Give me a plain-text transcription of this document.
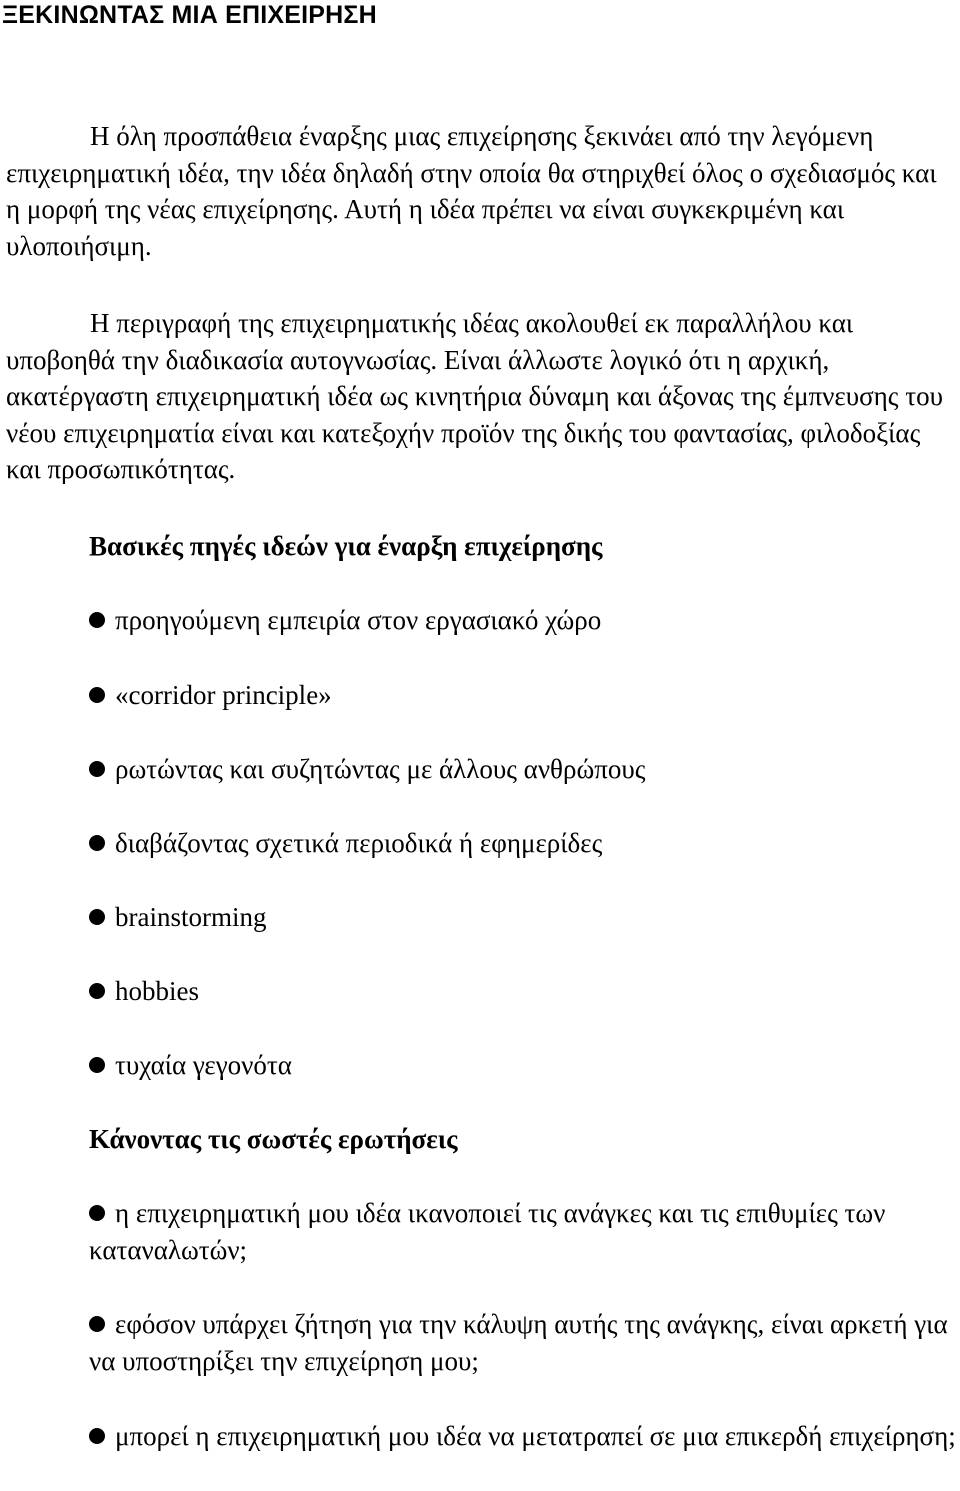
ΞΕΚΙΝΩΝΤΑΣ ΜΙΑ ΕΠΙΧΕΙΡΗΣΗ

Η όλη προσπάθεια έναρξης μιας επιχείρησης ξεκινάει από την λεγόμενη επιχειρηματική ιδέα, την ιδέα δηλαδή στην οποία θα στηριχθεί όλος ο σχεδιασμός και η μορφή της νέας επιχείρησης. Αυτή η ιδέα πρέπει να είναι συγκεκριμένη και υλοποιήσιμη.

Η περιγραφή της επιχειρηματικής ιδέας ακολουθεί εκ παραλλήλου και υποβοηθά την διαδικασία αυτογνωσίας. Είναι άλλωστε λογικό ότι η αρχική, ακατέργαστη επιχειρηματική ιδέα ως κινητήρια δύναμη και άξονας της έμπνευσης του νέου επιχειρηματία είναι και κατεξοχήν προϊόν της δικής του φαντασίας, φιλοδοξίας και προσωπικότητας.

Βασικές πηγές ιδεών για έναρξη επιχείρησης

προηγούμενη εμπειρία στον εργασιακό χώρο

«corridor principle»

ρωτώντας και συζητώντας με άλλους ανθρώπους

διαβάζοντας σχετικά περιοδικά ή εφημερίδες

brainstorming

hobbies

τυχαία γεγονότα

Κάνοντας τις σωστές ερωτήσεις

η επιχειρηματική μου ιδέα ικανοποιεί τις ανάγκες και τις επιθυμίες των καταναλωτών;

εφόσον υπάρχει ζήτηση για την κάλυψη αυτής της ανάγκης, είναι αρκετή για να υποστηρίξει την επιχείρηση μου;

μπορεί η επιχειρηματική μου ιδέα να μετατραπεί σε μια επικερδή επιχείρηση;
